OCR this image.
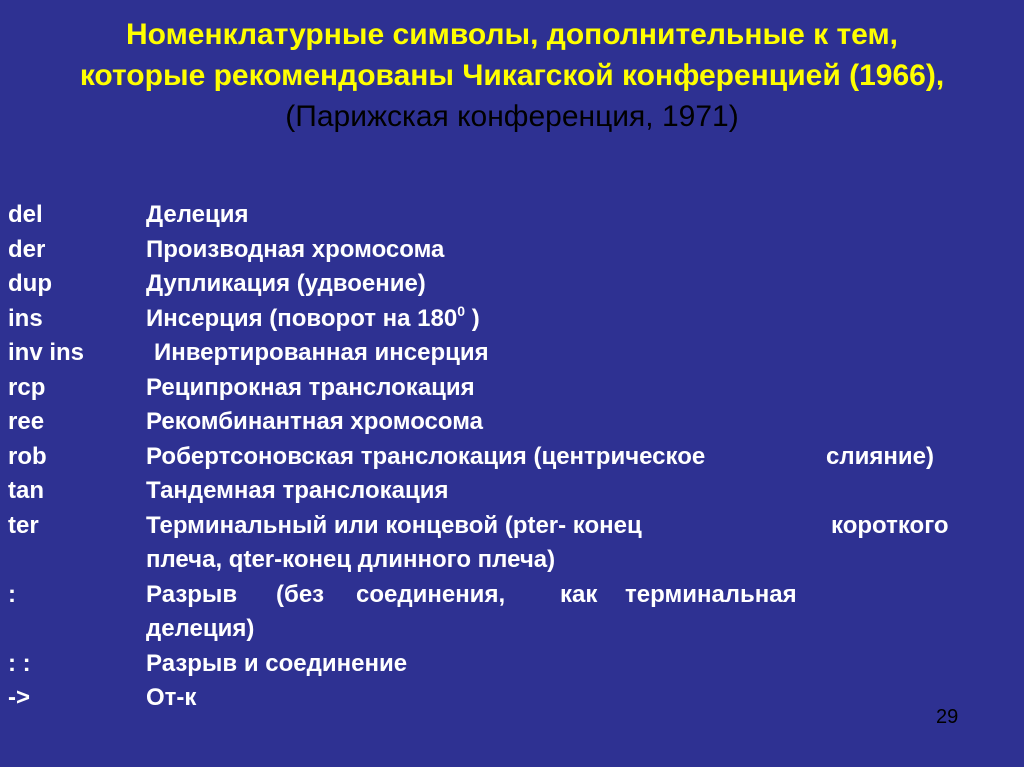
Номенклатурные символы, дополнительные к тем,
которые рекомендованы Чикагской конференцией (1966),
(Парижская конференция, 1971)
del	Делеция
der	Производная хромосома
dup	Дупликация (удвоение)
ins	Инсерция (поворот на $180^0$ )
inv ins	Инвертированная инсерция
rcp	Реципрокная транслокация
ree	Рекомбинантная хромосома
rob	Робертсоновская транслокация (центрическое	слияние)
tan	Тандемная транслокация
ter	Терминальный или концевой (pter- конец	короткого
плеча, qter-конец длинного плеча)
:	Разрыв (без соединения, как терминальная
делеция)
: :	Разрыв и соединение
->	От-к
29
